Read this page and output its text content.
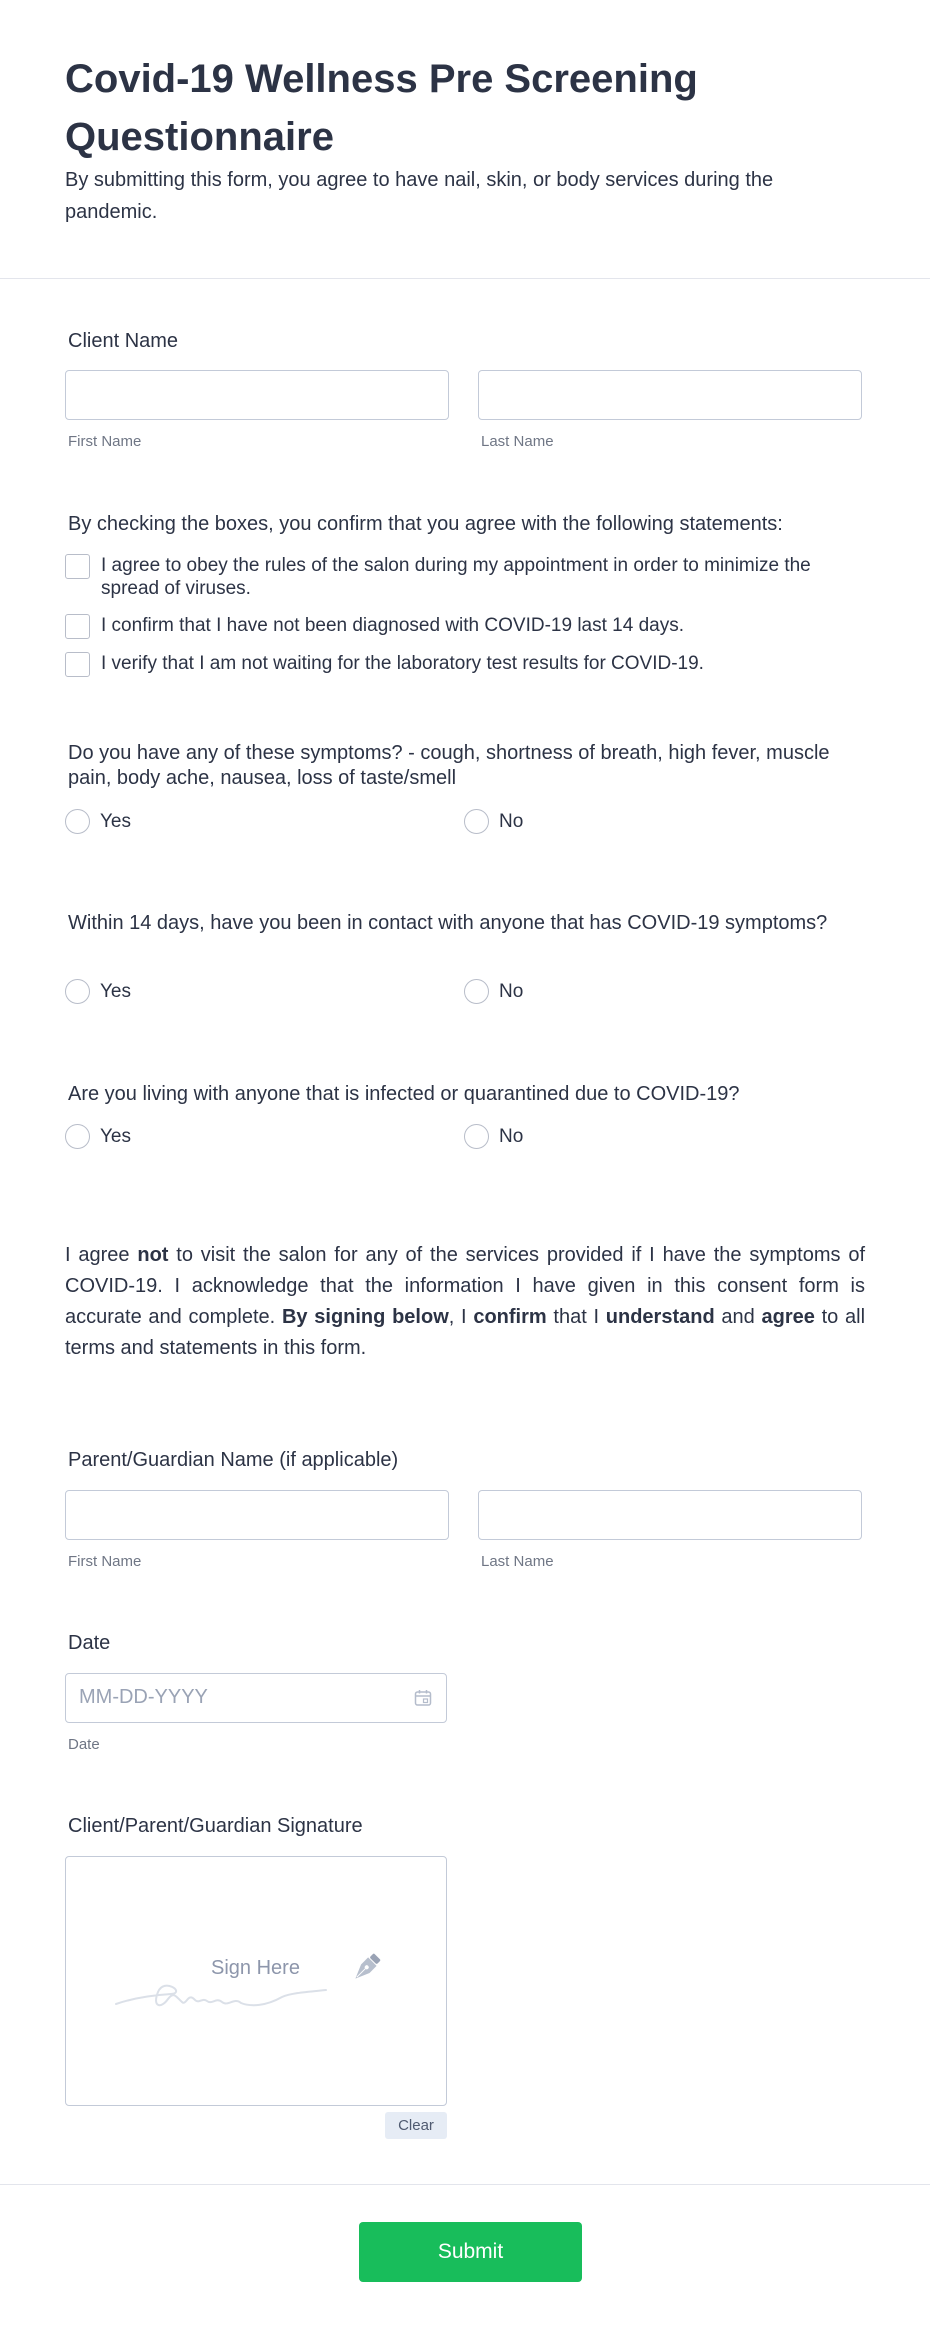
Covid-19 Wellness Pre Screening Questionnaire
By submitting this form, you agree to have nail, skin, or body services during the pandemic.
Client Name
First Name	Last Name
By checking the boxes, you confirm that you agree with the following statements:
I agree to obey the rules of the salon during my appointment in order to minimize the spread of viruses.
I confirm that I have not been diagnosed with COVID-19 last 14 days.
I verify that I am not waiting for the laboratory test results for COVID-19.
Do you have any of these symptoms? - cough, shortness of breath, high fever, muscle pain, body ache, nausea, loss of taste/smell
Yes	No
Within 14 days, have you been in contact with anyone that has COVID-19 symptoms?
Yes	No
Are you living with anyone that is infected or quarantined due to COVID-19?
Yes	No
I agree not to visit the salon for any of the services provided if I have the symptoms of COVID-19. I acknowledge that the information I have given in this consent form is accurate and complete. By signing below, I confirm that I understand and agree to all terms and statements in this form.
Parent/Guardian Name (if applicable)
First Name	Last Name
Date
MM-DD-YYYY
Date
Client/Parent/Guardian Signature
Sign Here
Clear
Submit
